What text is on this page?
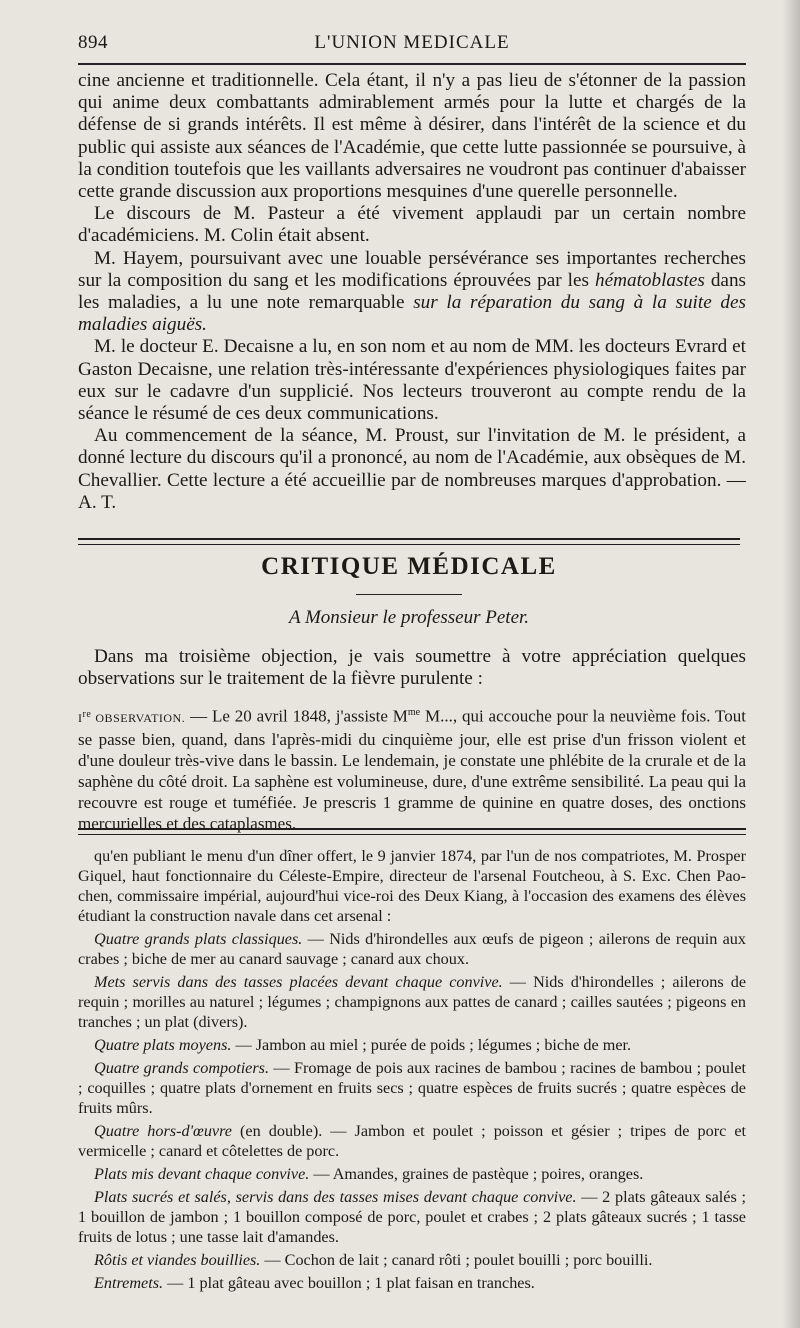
894	L'UNION MEDICALE

cine ancienne et traditionnelle. Cela étant, il n'y a pas lieu de s'étonner de la passion qui anime deux combattants admirablement armés pour la lutte et chargés de la défense de si grands intérêts. Il est même à désirer, dans l'intérêt de la science et du public qui assiste aux séances de l'Académie, que cette lutte passionnée se poursuive, à la condition toutefois que les vaillants adversaires ne voudront pas continuer d'abaisser cette grande discussion aux proportions mesquines d'une querelle personnelle.

Le discours de M. Pasteur a été vivement applaudi par un certain nombre d'académiciens. M. Colin était absent.

M. Hayem, poursuivant avec une louable persévérance ses importantes recherches sur la composition du sang et les modifications éprouvées par les hématoblastes dans les maladies, a lu une note remarquable sur la réparation du sang à la suite des maladies aiguës.

M. le docteur E. Decaisne a lu, en son nom et au nom de MM. les docteurs Evrard et Gaston Decaisne, une relation très-intéressante d'expériences physiologiques faites par eux sur le cadavre d'un supplicié. Nos lecteurs trouveront au compte rendu de la séance le résumé de ces deux communications.

Au commencement de la séance, M. Proust, sur l'invitation de M. le président, a donné lecture du discours qu'il a prononcé, au nom de l'Académie, aux obsèques de M. Chevallier. Cette lecture a été accueillie par de nombreuses marques d'approbation. — A. T.

CRITIQUE MÉDICALE
A Monsieur le professeur Peter.

Dans ma troisième objection, je vais soumettre à votre appréciation quelques observations sur le traitement de la fièvre purulente :

Ire OBSERVATION. — Le 20 avril 1848, j'assiste $M^{me}$ M..., qui accouche pour la neuvième fois. Tout se passe bien, quand, dans l'après-midi du cinquième jour, elle est prise d'un frisson violent et d'une douleur très-vive dans le bassin. Le lendemain, je constate une phlébite de la crurale et de la saphène du côté droit. La saphène est volumineuse, dure, d'une extrême sensibilité. La peau qui la recouvre est rouge et tuméfiée. Je prescris 1 gramme de quinine en quatre doses, des onctions mercurielles et des cataplasmes.

qu'en publiant le menu d'un dîner offert, le 9 janvier 1874, par l'un de nos compatriotes, M. Prosper Giquel, haut fonctionnaire du Céleste-Empire, directeur de l'arsenal Foutcheou, à S. Exc. Chen Pao-chen, commissaire impérial, aujourd'hui vice-roi des Deux Kiang, à l'occasion des examens des élèves étudiant la construction navale dans cet arsenal :

Quatre grands plats classiques. — Nids d'hirondelles aux œufs de pigeon ; ailerons de requin aux crabes ; biche de mer au canard sauvage ; canard aux choux.

Mets servis dans des tasses placées devant chaque convive. — Nids d'hirondelles ; ailerons de requin ; morilles au naturel ; légumes ; champignons aux pattes de canard ; cailles sautées ; pigeons en tranches ; un plat (divers).

Quatre plats moyens. — Jambon au miel ; purée de poids ; légumes ; biche de mer.

Quatre grands compotiers. — Fromage de pois aux racines de bambou ; racines de bambou ; poulet ; coquilles ; quatre plats d'ornement en fruits secs ; quatre espèces de fruits sucrés ; quatre espèces de fruits mûrs.

Quatre hors-d'œuvre (en double). — Jambon et poulet ; poisson et gésier ; tripes de porc et vermicelle ; canard et côtelettes de porc.

Plats mis devant chaque convive. — Amandes, graines de pastèque ; poires, oranges.

Plats sucrés et salés, servis dans des tasses mises devant chaque convive. — 2 plats gâteaux salés ; 1 bouillon de jambon ; 1 bouillon composé de porc, poulet et crabes ; 2 plats gâteaux sucrés ; 1 tasse fruits de lotus ; une tasse lait d'amandes.

Rôtis et viandes bouillies. — Cochon de lait ; canard rôti ; poulet bouilli ; porc bouilli.

Entremets. — 1 plat gâteau avec bouillon ; 1 plat faisan en tranches.
